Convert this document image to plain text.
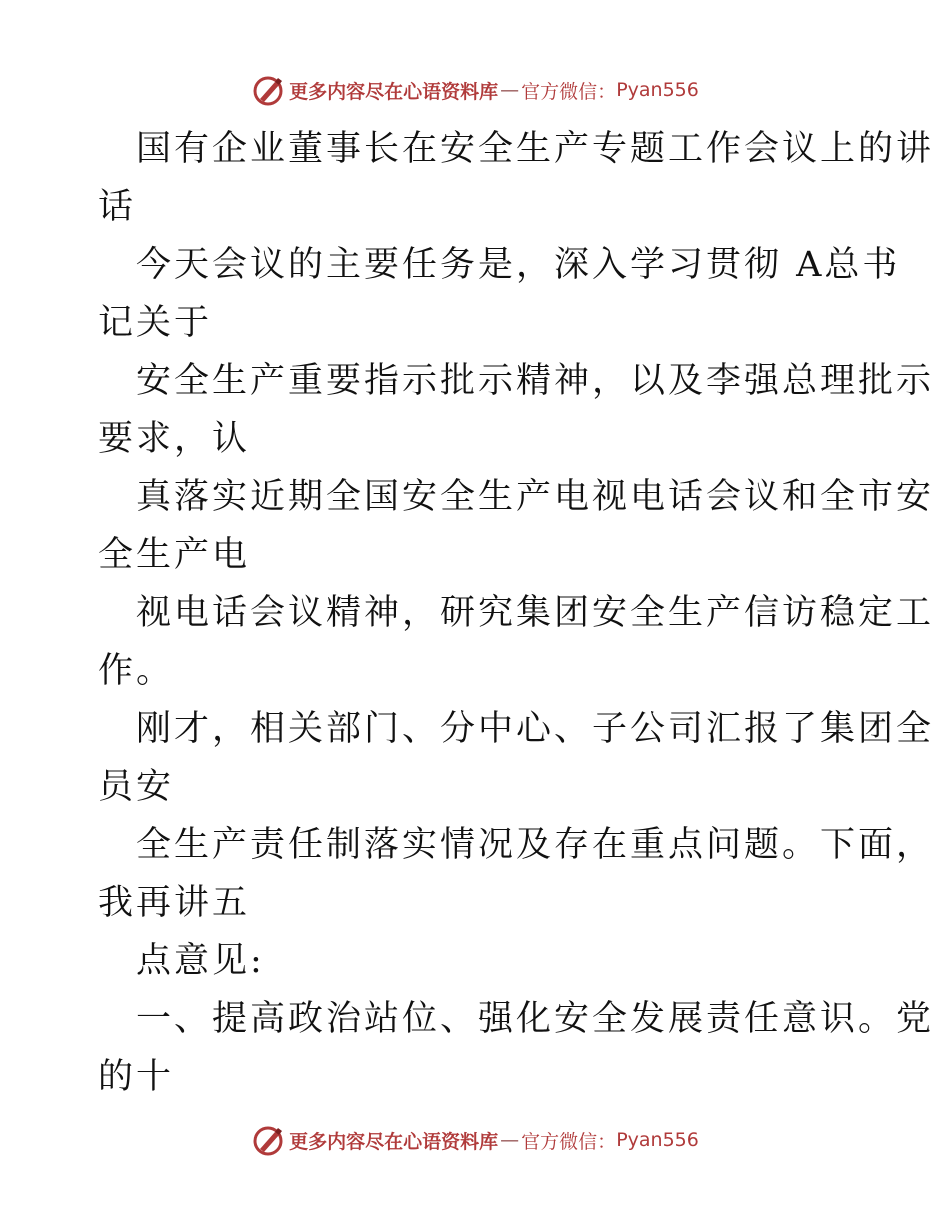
更多内容尽在心语资料库 — 官方微信： Pyan556

国有企业董事长在安全生产专题工作会议上的讲
话

今天会议的主要任务是，深入学习贯彻 A总书
记关于

安全生产重要指示批示精神，以及李强总理批示
要求，认

真落实近期全国安全生产电视电话会议和全市安
全生产电

视电话会议精神，研究集团安全生产信访稳定工
作。

刚才，相关部门、分中心、子公司汇报了集团全
员安

全生产责任制落实情况及存在重点问题。下面，
我再讲五

点意见:

一、提高政治站位、强化安全发展责任意识。党
的十

更多内容尽在心语资料库 — 官方微信： Pyan556
